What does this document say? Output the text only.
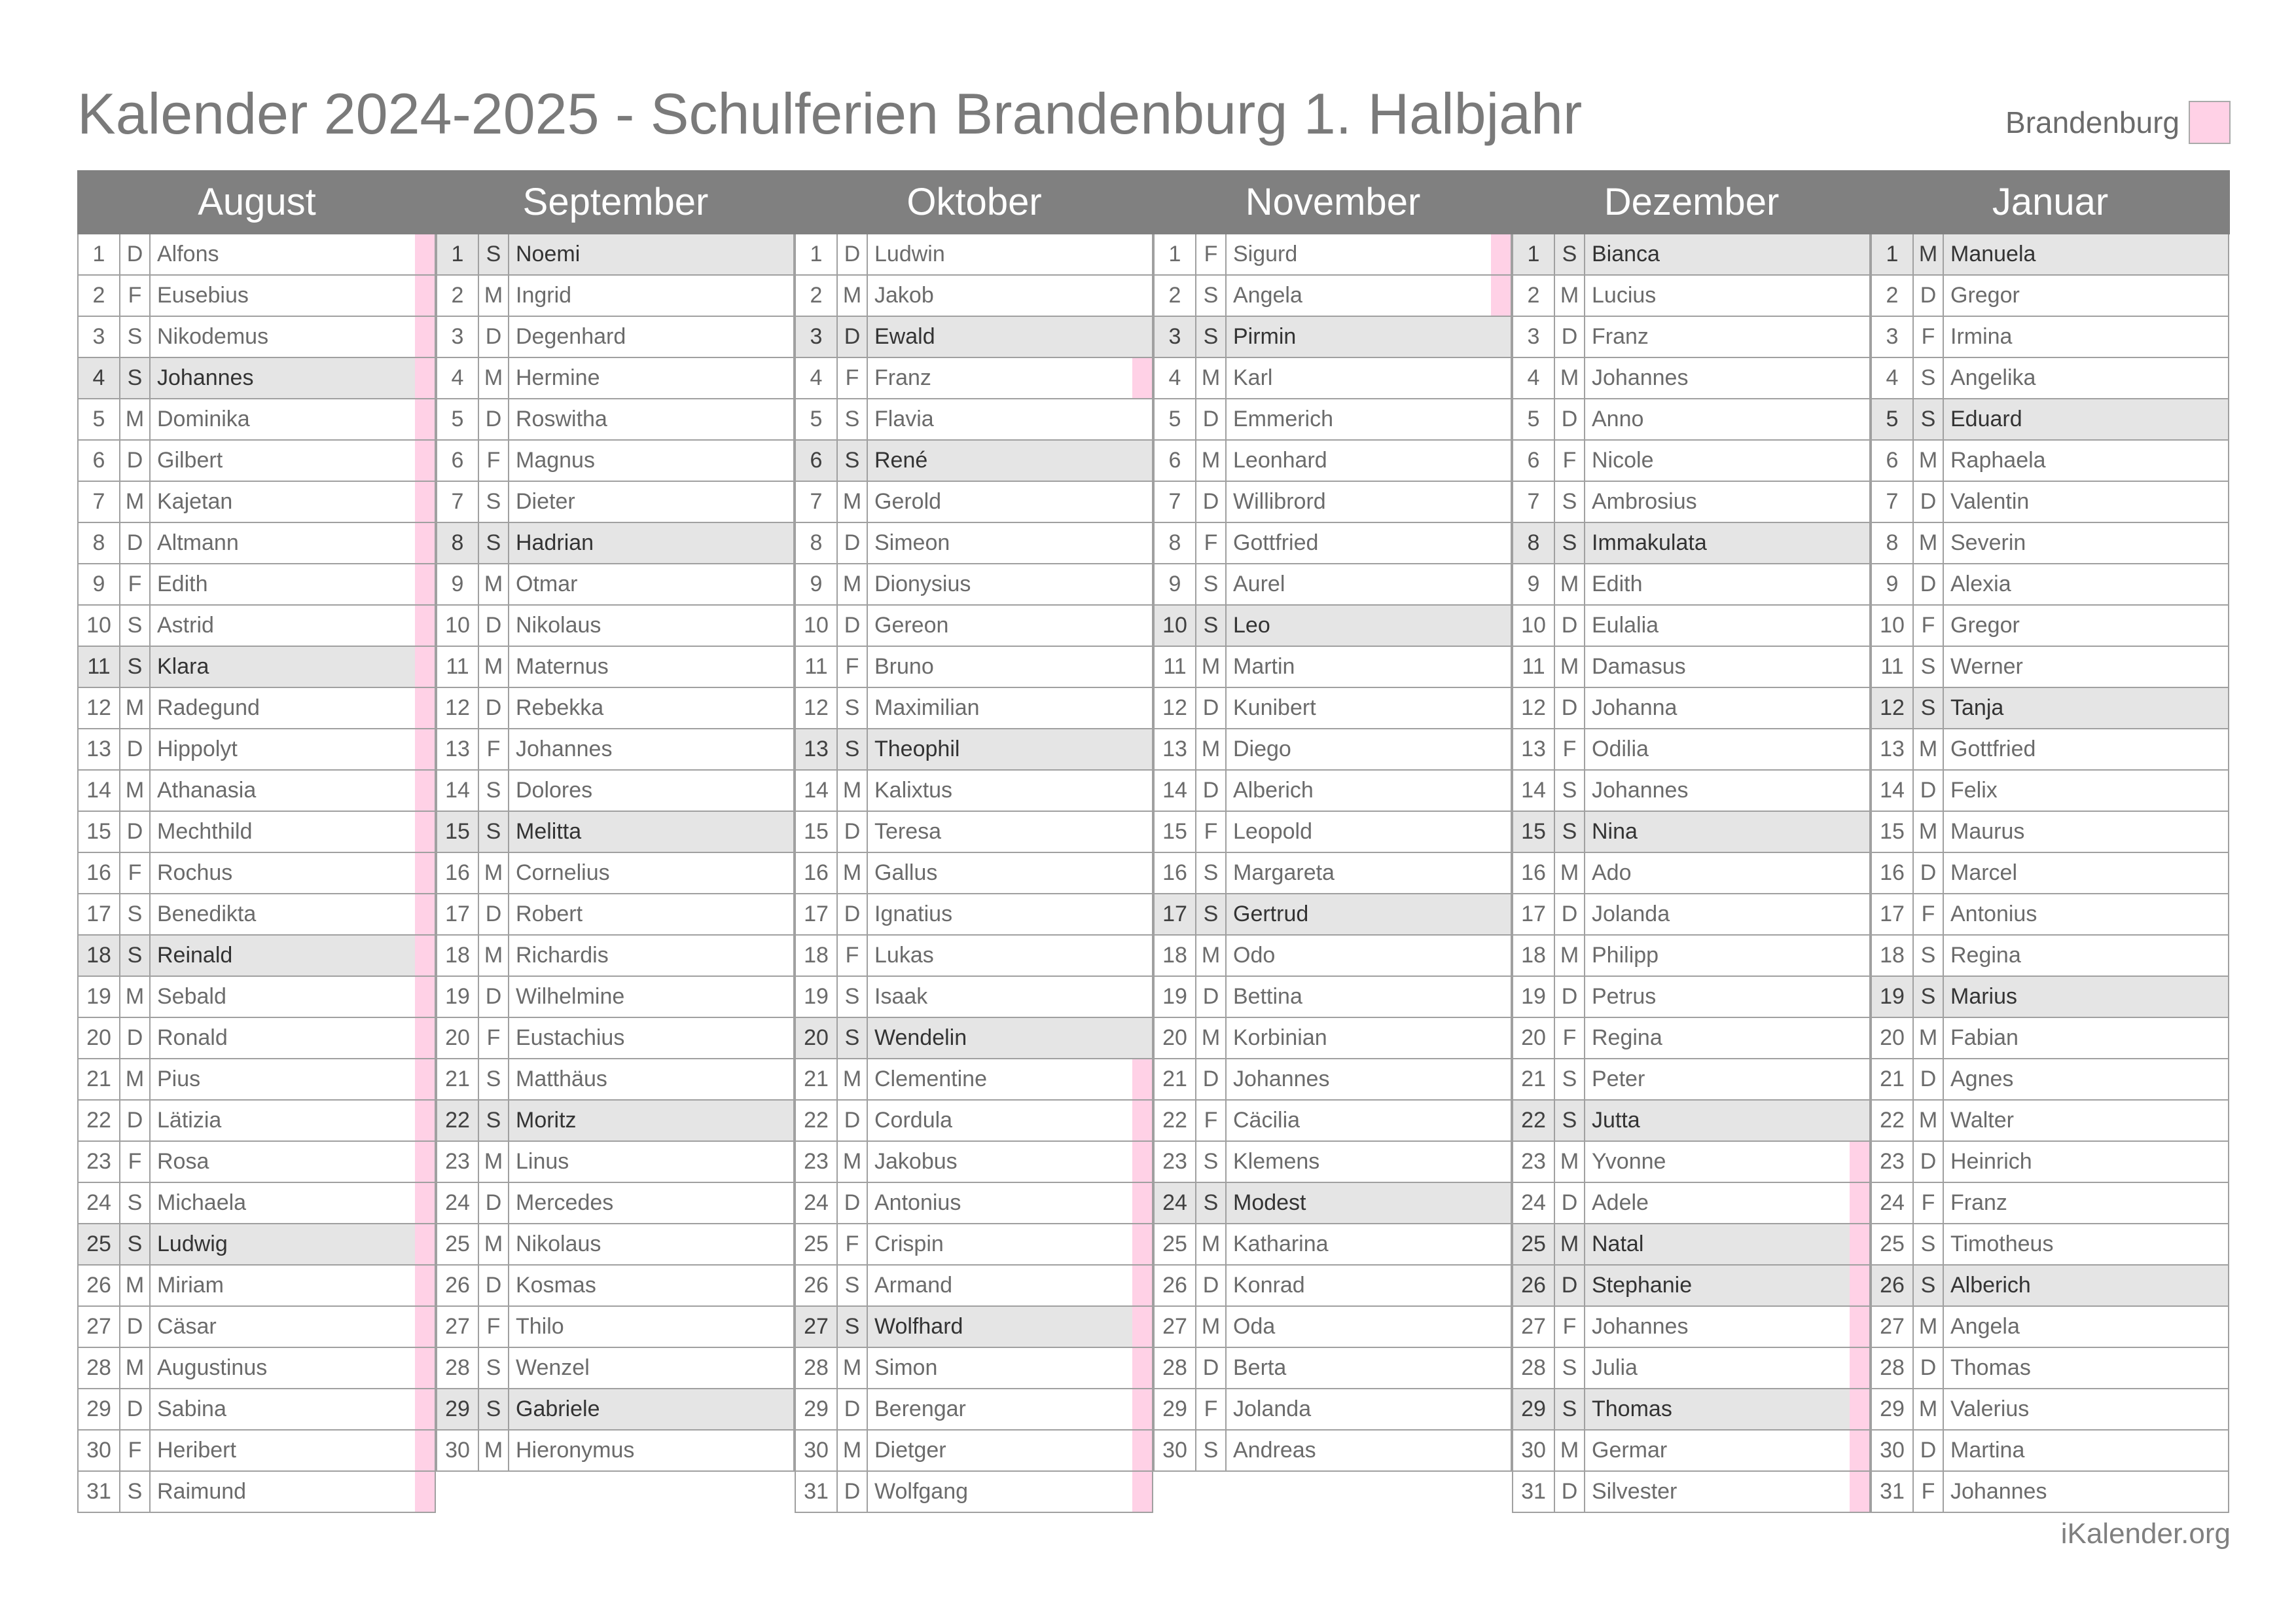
Kalender 2024-2025 - Schulferien Brandenburg 1. Halbjahr	Brandenburg
August
1 D Alfons
2	F Eusebius
3	S Nikodemus
4	S Johannes
5 M Dominika
6 D Gilbert
7 M Kajetan
8 D Altmann
9	F Edith
10 S Astrid
11 S Klara
12 M Radegund
13 D Hippolyt
14 M Athanasia
15 D Mechthild
16 F Rochus
17 S Benedikta
18 S Reinald
19 M Sebald
20 D Ronald
21 M Pius
22 D Lätizia
23 F Rosa
24 S Michaela
25 S Ludwig
26 M Miriam
27 D Cäsar
28 M Augustinus
29 D Sabina
30 F Heribert
31 S Raimund
September
1	S Noemi
2 M Ingrid
3 D Degenhard
4 M Hermine
5 D Roswitha
6	F Magnus
7	S Dieter
8	S Hadrian
9 M Otmar
10 D Nikolaus
11 M Maternus
12 D Rebekka
13 F Johannes
14 S Dolores
15 S Melitta
16 M Cornelius
17 D Robert
18 M Richardis
19 D Wilhelmine
20 F Eustachius
21 S Matthäus
22 S Moritz
23 M Linus
24 D Mercedes
25 M Nikolaus
26 D Kosmas
27 F Thilo
28 S Wenzel
29 S Gabriele
30 M Hieronymus
Oktober
1 D Ludwin
2 M Jakob
3 D Ewald
4	F Franz
5	S Flavia
6	S René
7 M Gerold
8 D Simeon
9 M Dionysius
10 D Gereon
11 F Bruno
12 S Maximilian
13 S Theophil
14 M Kalixtus
15 D Teresa
16 M Gallus
17 D Ignatius
18 F Lukas
19 S Isaak
20 S Wendelin
21 M Clementine
22 D Cordula
23 M Jakobus
24 D Antonius
25 F Crispin
26 S Armand
27 S Wolfhard
28 M Simon
29 D Berengar
30 M Dietger
31 D Wolfgang
November
1	F Sigurd
2	S Angela
3	S Pirmin
4 M Karl
5 D Emmerich
6 M Leonhard
7 D Willibrord
8	F Gottfried
9	S Aurel
10 S Leo
11 M Martin
12 D Kunibert
13 M Diego
14 D Alberich
15 F Leopold
16 S Margareta
17 S Gertrud
18 M Odo
19 D Bettina
20 M Korbinian
21 D Johannes
22 F Cäcilia
23 S Klemens
24 S Modest
25 M Katharina
26 D Konrad
27 M Oda
28 D Berta
29 F Jolanda
30 S Andreas
Dezember
1	S Bianca
2 M Lucius
3 D Franz
4 M Johannes
5 D Anno
6	F Nicole
7	S Ambrosius
8	S Immakulata
9 M Edith
10 D Eulalia
11 M Damasus
12 D Johanna
13 F Odilia
14 S Johannes
15 S Nina
16 M Ado
17 D Jolanda
18 M Philipp
19 D Petrus
20 F Regina
21 S Peter
22 S Jutta
23 M Yvonne
24 D Adele
25 M Natal
26 D Stephanie
27 F Johannes
28 S Julia
29 S Thomas
30 M Germar
31 D Silvester
Januar
1 M Manuela
2 D Gregor
3	F Irmina
4	S Angelika
5	S Eduard
6 M Raphaela
7 D Valentin
8 M Severin
9 D Alexia
10 F Gregor
11 S Werner
12 S Tanja
13 M Gottfried
14 D Felix
15 M Maurus
16 D Marcel
17 F Antonius
18 S Regina
19 S Marius
20 M Fabian
21 D Agnes
22 M Walter
23 D Heinrich
24 F Franz
25 S Timotheus
26 S Alberich
27 M Angela
28 D Thomas
29 M Valerius
30 D Martina
31 F Johannes
iKalender.org
